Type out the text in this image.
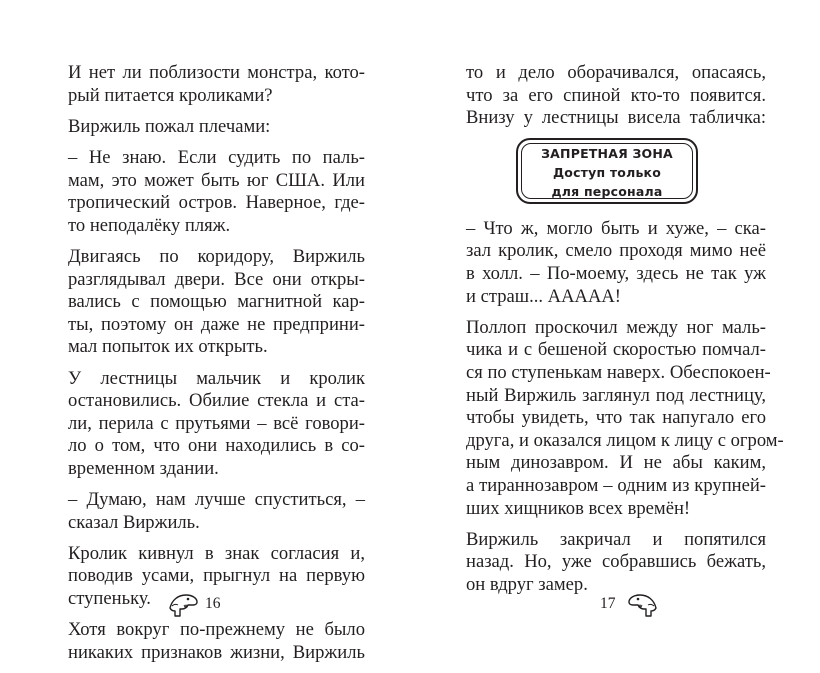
И нет ли поблизости монстра, кото-
рый питается кроликами?
Виржиль пожал плечами:
– Не знаю. Если судить по паль-
мам, это может быть юг США. Или
тропический остров. Наверное, где-
то неподалёку пляж.
Двигаясь по коридору, Виржиль
разглядывал двери. Все они откры-
вались с помощью магнитной кар-
ты, поэтому он даже не предприни-
мал попыток их открыть.
У лестницы мальчик и кролик
остановились. Обилие стекла и ста-
ли, перила с прутьями – всё говори-
ло о том, что они находились в со-
временном здании.
– Думаю, нам лучше спуститься, –
сказал Виржиль.
Кролик кивнул в знак согласия и,
поводив усами, прыгнул на первую
ступеньку.
Хотя вокруг по-прежнему не было
никаких признаков жизни, Виржиль
16
то и дело оборачивался, опасаясь,
что за его спиной кто-то появится.
Внизу у лестницы висела табличка:
ЗАПРЕТНАЯ ЗОНА
Доступ только
для персонала
– Что ж, могло быть и хуже, – ска-
зал кролик, смело проходя мимо неё
в холл. – По-моему, здесь не так уж
и страш... ААААА!
Поллоп проскочил между ног маль-
чика и с бешеной скоростью помчал-
ся по ступенькам наверх. Обеспокоен-
ный Виржиль заглянул под лестницу,
чтобы увидеть, что так напугало его
друга, и оказался лицом к лицу с огром-
ным динозавром. И не абы каким,
а тираннозавром – одним из крупней-
ших хищников всех времён!
Виржиль закричал и попятился
назад. Но, уже собравшись бежать,
он вдруг замер.
17
